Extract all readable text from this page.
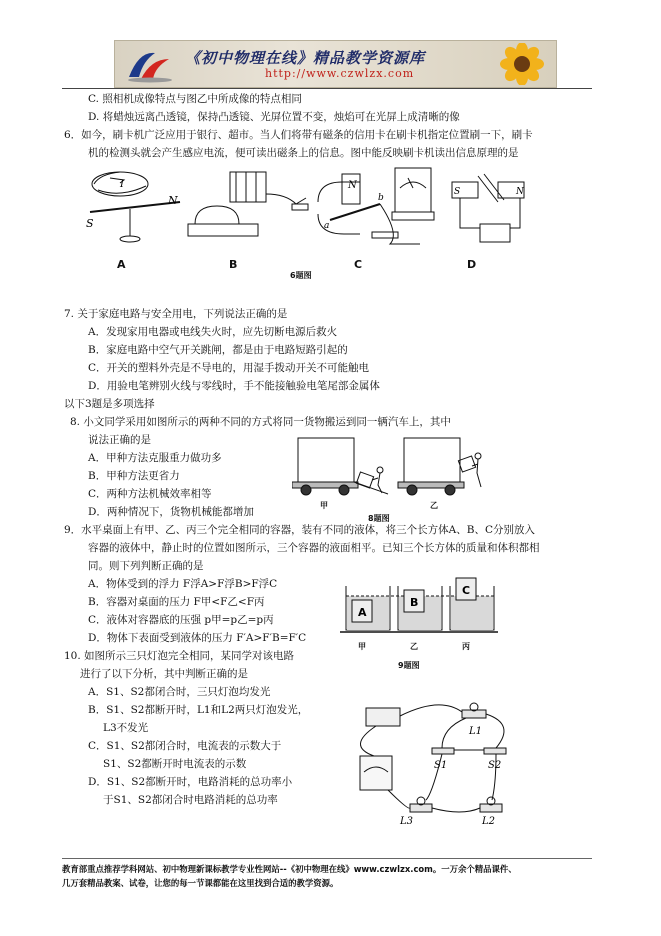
《初中物理在线》精品教学资源库
http://www.czwlzx.com
C. 照相机成像特点与图乙中所成像的特点相同
D. 将蜡烛远离凸透镜，保持凸透镜、光屏位置不变，烛焰可在光屏上成清晰的像
6．如今，刷卡机广泛应用于银行、超市。当人们将带有磁条的信用卡在刷卡机指定位置刷一下，刷卡
机的检测头就会产生感应电流，便可读出磁条上的信息。图中能反映刷卡机读出信息原理的是
S
N
I	N
b
a
S	N
A	B	C	D
6题图
7. 关于家庭电路与安全用电，下列说法正确的是
A．发现家用电器或电线失火时，应先切断电源后救火
B．家庭电路中空气开关跳闸，都是由于电路短路引起的
C．开关的塑料外壳是不导电的，用湿手拨动开关不可能触电
D．用验电笔辨别火线与零线时，手不能接触验电笔尾部金属体
以下3题是多项选择
8. 小文同学采用如图所示的两种不同的方式将同一货物搬运到同一辆汽车上，其中
说法正确的是
A．甲种方法克服重力做功多
B．甲种方法更省力
C．两种方法机械效率相等
D．两种情况下，货物机械能都增加
甲	乙
8题图
9．水平桌面上有甲、乙、丙三个完全相同的容器，装有不同的液体，将三个长方体A、B、C分别放入
容器的液体中，静止时的位置如图所示，三个容器的液面相平。已知三个长方体的质量和体积都相
同。则下列判断正确的是
A．物体受到的浮力 F浮A>F浮B>F浮C
B．容器对桌面的压力 F甲<F乙<F丙
C．液体对容器底的压强 p甲=p乙=p丙
D．物体下表面受到液体的压力 F′A>F′B=F′C
A
B
C
甲	乙	丙
9题图
10. 如图所示三只灯泡完全相同，某同学对该电路
进行了以下分析，其中判断正确的是
A．S1、S2都闭合时，三只灯泡均发光
B．S1、S2都断开时，L1和L2两只灯泡发光，
L3不发光
C．S1、S2都闭合时，电流表的示数大于
S1、S2都断开时电流表的示数
D．S1、S2都断开时，电路消耗的总功率小
于S1、S2都闭合时电路消耗的总功率
L1
S1	S2
L3	L2
教育部重点推荐学科网站、初中物理新课标教学专业性网站--《初中物理在线》www.czwlzx.com。一万余个精品课件、
几万套精品教案、试卷，让您的每一节课都能在这里找到合适的教学资源。
